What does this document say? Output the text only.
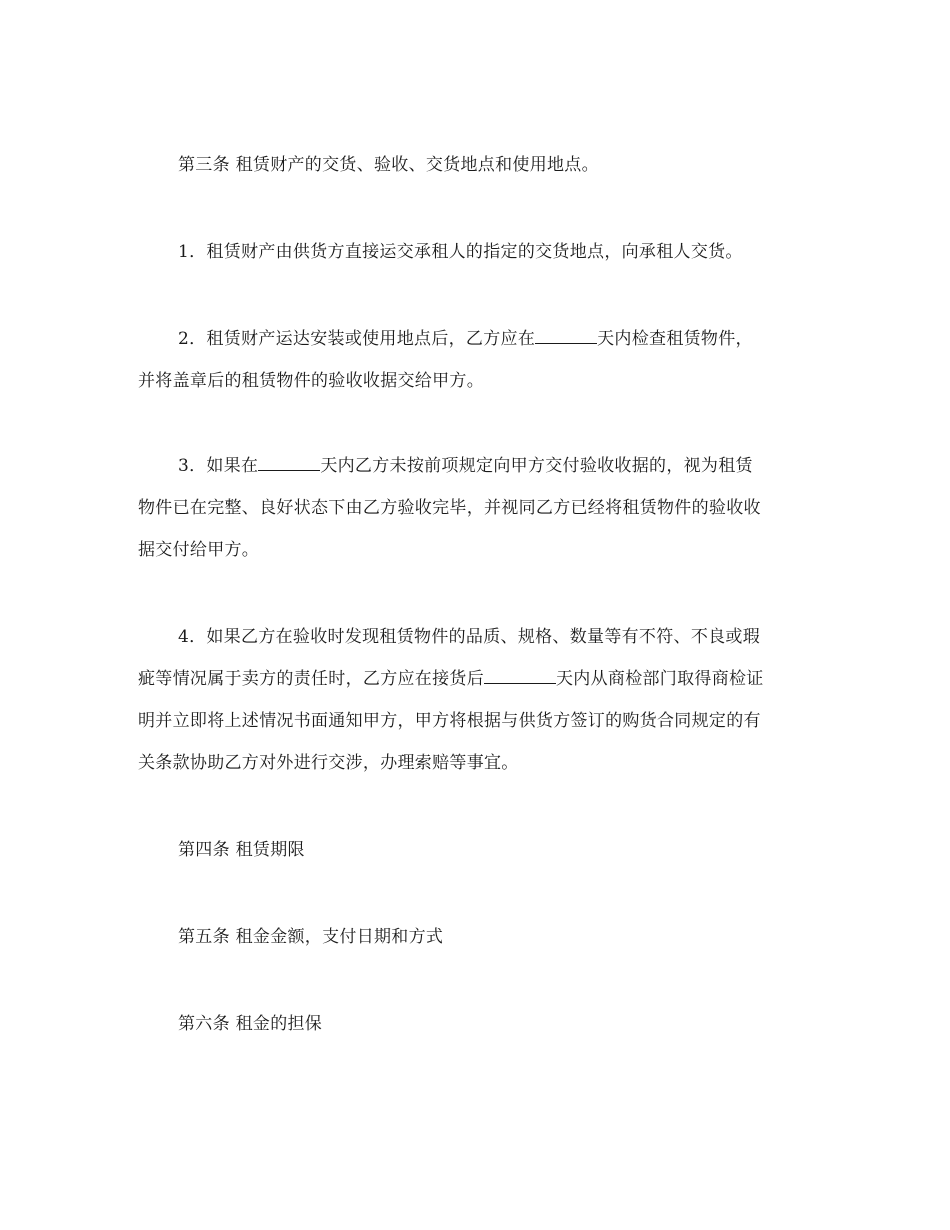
第三条 租赁财产的交货、验收、交货地点和使用地点。

1．租赁财产由供货方直接运交承租人的指定的交货地点，向承租人交货。

2．租赁财产运达安装或使用地点后，乙方应在	天内检查租赁物件，

并将盖章后的租赁物件的验收收据交给甲方。

3．如果在	天内乙方未按前项规定向甲方交付验收收据的，视为租赁

物件已在完整、良好状态下由乙方验收完毕，并视同乙方已经将租赁物件的验收收

据交付给甲方。

4．如果乙方在验收时发现租赁物件的品质、规格、数量等有不符、不良或瑕

疵等情况属于卖方的责任时，乙方应在接货后	天内从商检部门取得商检证

明并立即将上述情况书面通知甲方，甲方将根据与供货方签订的购货合同规定的有

关条款协助乙方对外进行交涉，办理索赔等事宜。

第四条 租赁期限

第五条 租金金额，支付日期和方式

第六条 租金的担保
